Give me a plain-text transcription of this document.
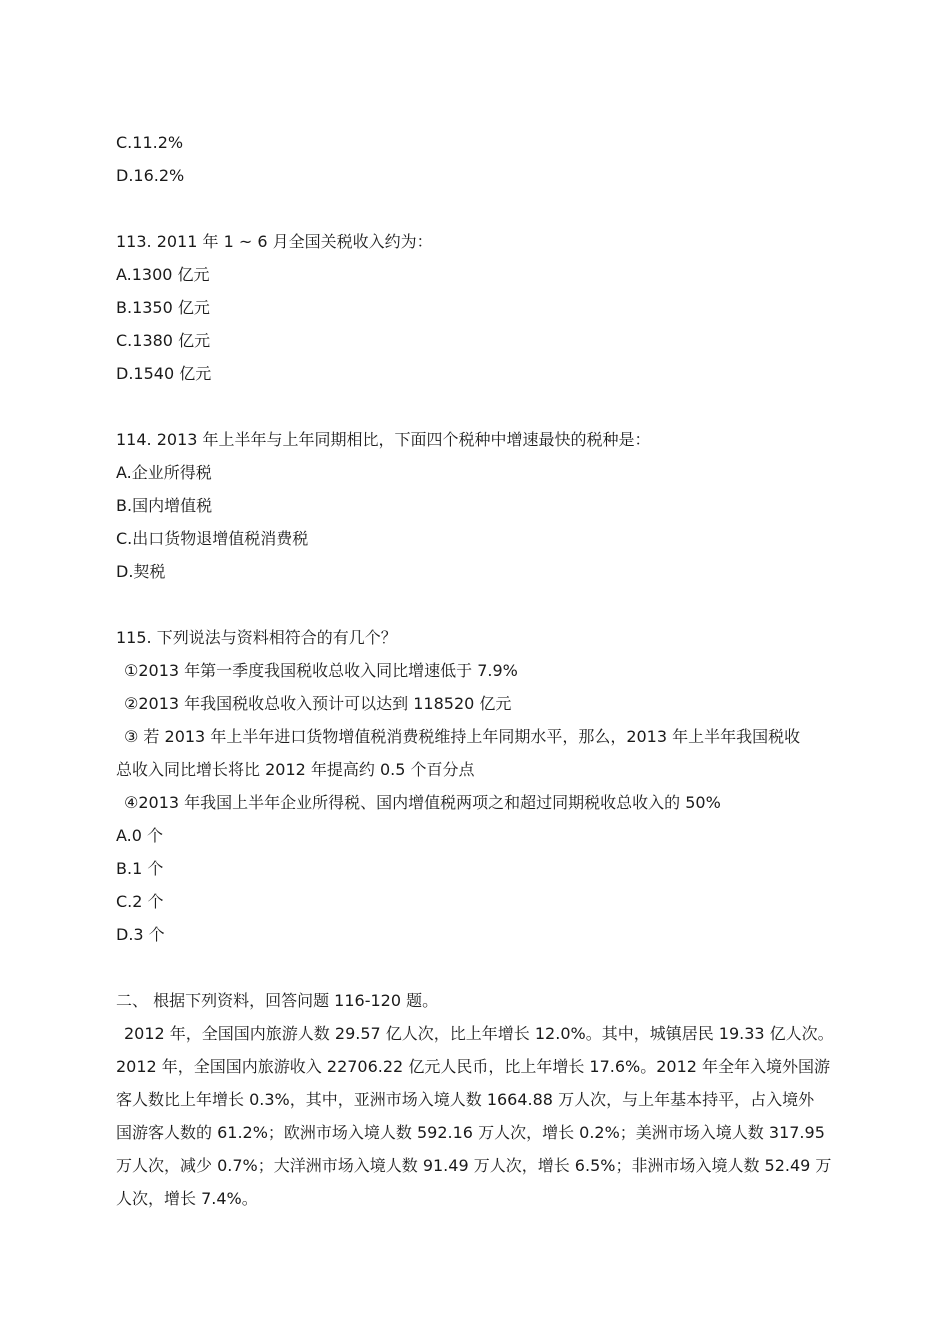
C.11.2%
D.16.2%
113. 2011 年 1 ~ 6 月全国关税收入约为：
A.1300 亿元
B.1350 亿元
C.1380 亿元
D.1540 亿元
114. 2013 年上半年与上年同期相比，下面四个税种中增速最快的税种是：
A.企业所得税
B.国内增值税
C.出口货物退增值税消费税
D.契税
115. 下列说法与资料相符合的有几个？
①2013 年第一季度我国税收总收入同比增速低于 7.9%
②2013 年我国税收总收入预计可以达到 118520 亿元
③ 若 2013 年上半年进口货物增值税消费税维持上年同期水平，那么，2013 年上半年我国税收
总收入同比增长将比 2012 年提高约 0.5 个百分点
④2013 年我国上半年企业所得税、国内增值税两项之和超过同期税收总收入的 50%
A.0 个
B.1 个
C.2 个
D.3 个
二、 根据下列资料，回答问题 116-120 题。
2012 年，全国国内旅游人数 29.57 亿人次，比上年增长 12.0%。其中，城镇居民 19.33 亿人次。
2012 年，全国国内旅游收入 22706.22 亿元人民币，比上年增长 17.6%。2012 年全年入境外国游
客人数比上年增长 0.3%，其中，亚洲市场入境人数 1664.88 万人次，与上年基本持平，占入境外
国游客人数的 61.2%；欧洲市场入境人数 592.16 万人次，增长 0.2%；美洲市场入境人数 317.95
万人次，减少 0.7%；大洋洲市场入境人数 91.49 万人次，增长 6.5%；非洲市场入境人数 52.49 万
人次，增长 7.4%。
